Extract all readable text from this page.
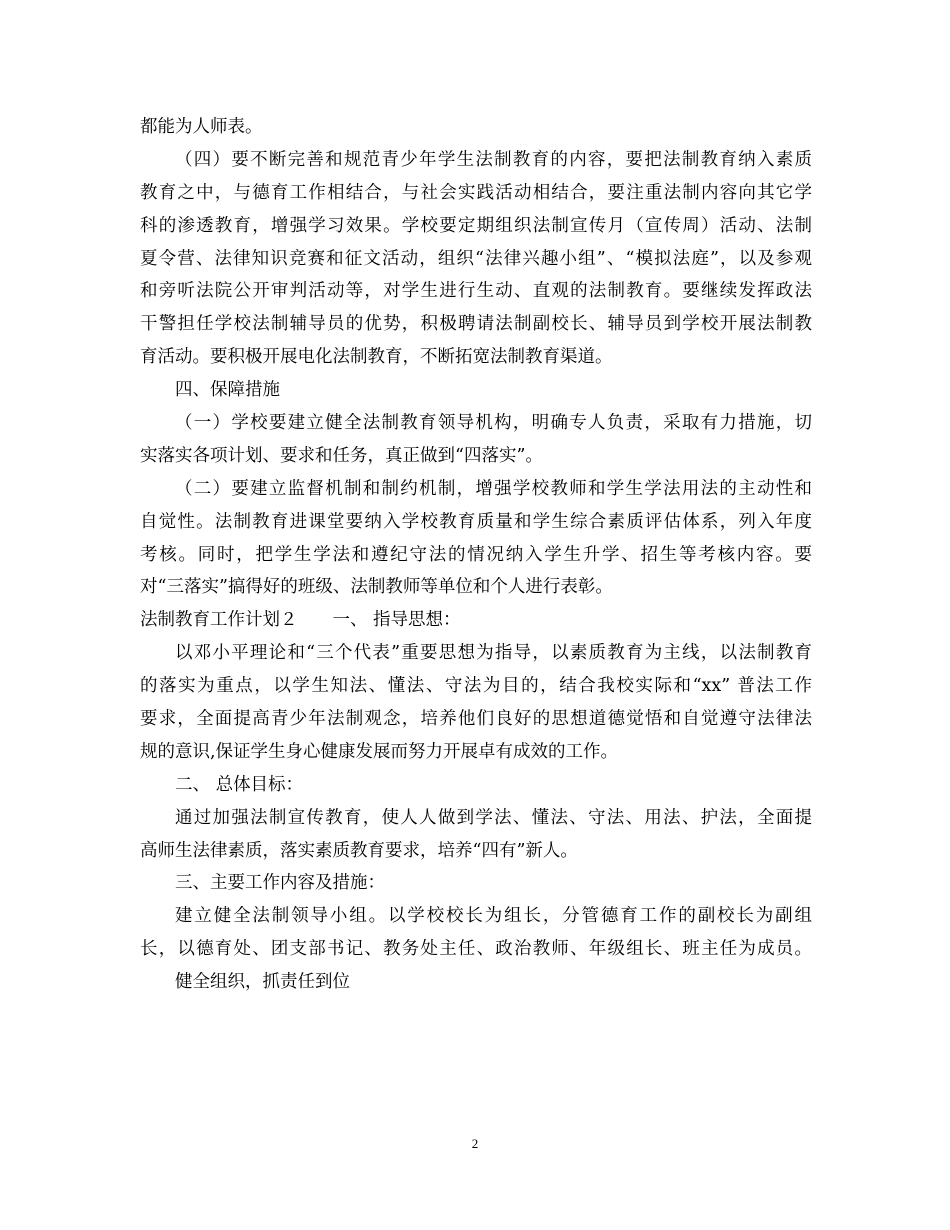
都能为人师表。
（四）要不断完善和规范青少年学生法制教育的内容，要把法制教育纳入素质
教育之中，与德育工作相结合，与社会实践活动相结合，要注重法制内容向其它学
科的渗透教育，增强学习效果。学校要定期组织法制宣传月（宣传周）活动、法制
夏令营、法律知识竞赛和征文活动，组织“法律兴趣小组”、“模拟法庭”，以及参观
和旁听法院公开审判活动等，对学生进行生动、直观的法制教育。要继续发挥政法
干警担任学校法制辅导员的优势，积极聘请法制副校长、辅导员到学校开展法制教
育活动。要积极开展电化法制教育，不断拓宽法制教育渠道。
四、保障措施
（一）学校要建立健全法制教育领导机构，明确专人负责，采取有力措施，切
实落实各项计划、要求和任务，真正做到“四落实”。
（二）要建立监督机制和制约机制，增强学校教师和学生学法用法的主动性和
自觉性。法制教育进课堂要纳入学校教育质量和学生综合素质评估体系，列入年度
考核。同时，把学生学法和遵纪守法的情况纳入学生升学、招生等考核内容。要
对“三落实”搞得好的班级、法制教师等单位和个人进行表彰。
法制教育工作计划２　　一、 指导思想：
以邓小平理论和“三个代表”重要思想为指导，以素质教育为主线，以法制教育
的落实为重点，以学生知法、懂法、守法为目的，结合我校实际和“xx” 普法工作
要求，全面提高青少年法制观念，培养他们良好的思想道德觉悟和自觉遵守法律法
规的意识,保证学生身心健康发展而努力开展卓有成效的工作。
二、 总体目标：
通过加强法制宣传教育，使人人做到学法、懂法、守法、用法、护法，全面提
高师生法律素质，落实素质教育要求，培养“四有”新人。
三、主要工作内容及措施：
建立健全法制领导小组。以学校校长为组长，分管德育工作的副校长为副组
长，以德育处、团支部书记、教务处主任、政治教师、年级组长、班主任为成员。
健全组织，抓责任到位
2
